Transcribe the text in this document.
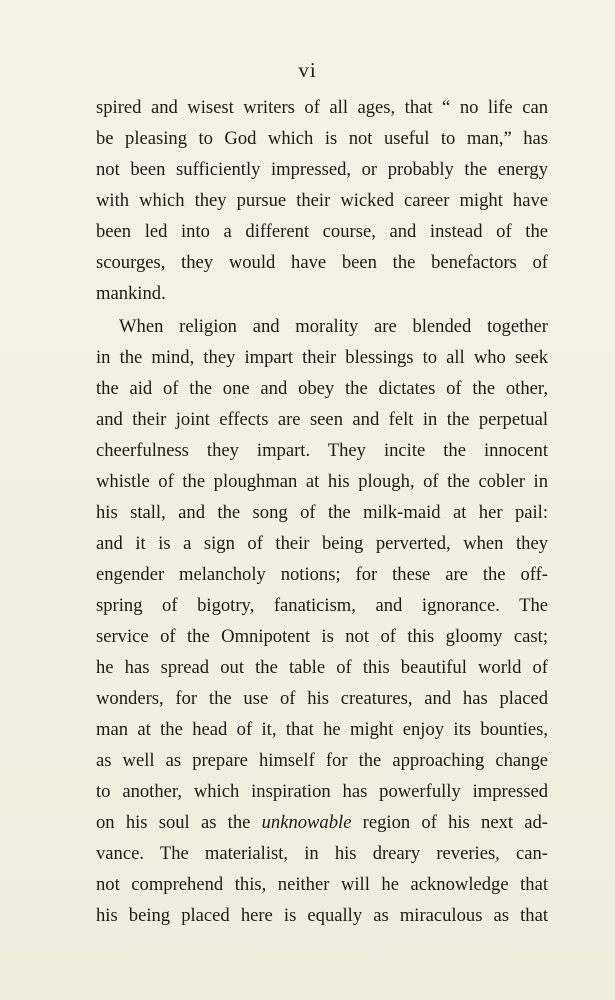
vi
spired and wisest writers of all ages, that “ no life can
be pleasing to God which is not useful to man,” has
not been sufficiently impressed, or probably the energy
with which they pursue their wicked career might have
been led into a different course, and instead of the
scourges, they would have been the benefactors of
mankind.
When religion and morality are blended together
in the mind, they impart their blessings to all who seek
the aid of the one and obey the dictates of the other,
and their joint effects are seen and felt in the perpetual
cheerfulness they impart. They incite the innocent
whistle of the ploughman at his plough, of the cobler in
his stall, and the song of the milk-maid at her pail:
and it is a sign of their being perverted, when they
engender melancholy notions; for these are the off-
spring of bigotry, fanaticism, and ignorance. The
service of the Omnipotent is not of this gloomy cast;
he has spread out the table of this beautiful world of
wonders, for the use of his creatures, and has placed
man at the head of it, that he might enjoy its bounties,
as well as prepare himself for the approaching change
to another, which inspiration has powerfully impressed
on his soul as the unknowable region of his next ad-
vance. The materialist, in his dreary reveries, can-
not comprehend this, neither will he acknowledge that
his being placed here is equally as miraculous as that
